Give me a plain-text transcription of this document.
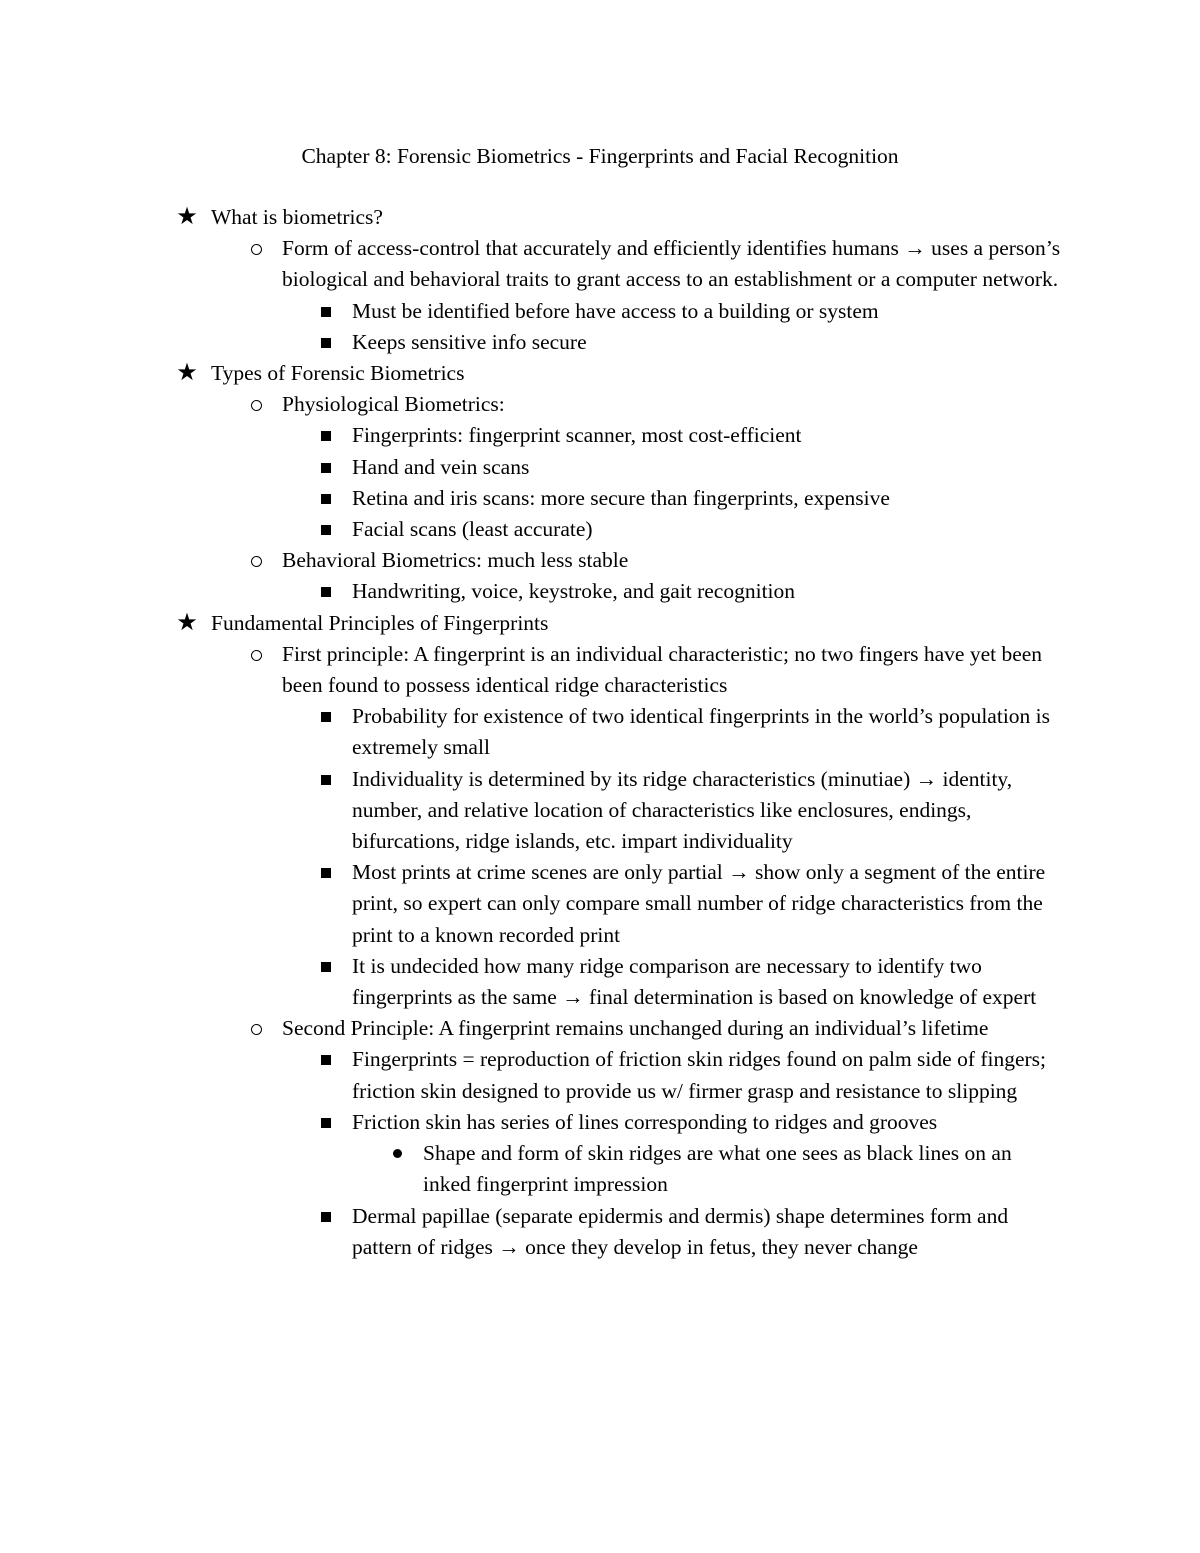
Chapter 8: Forensic Biometrics - Fingerprints and Facial Recognition
★ What is biometrics?
Form of access-control that accurately and efficiently identifies humans → uses a person’s biological and behavioral traits to grant access to an establishment or a computer network.
Must be identified before have access to a building or system
Keeps sensitive info secure
★ Types of Forensic Biometrics
Physiological Biometrics:
Fingerprints: fingerprint scanner, most cost-efficient
Hand and vein scans
Retina and iris scans: more secure than fingerprints, expensive
Facial scans (least accurate)
Behavioral Biometrics: much less stable
Handwriting, voice, keystroke, and gait recognition
★ Fundamental Principles of Fingerprints
First principle: A fingerprint is an individual characteristic; no two fingers have yet been been found to possess identical ridge characteristics
Probability for existence of two identical fingerprints in the world’s population is extremely small
Individuality is determined by its ridge characteristics (minutiae) → identity, number, and relative location of characteristics like enclosures, endings, bifurcations, ridge islands, etc. impart individuality
Most prints at crime scenes are only partial → show only a segment of the entire print, so expert can only compare small number of ridge characteristics from the print to a known recorded print
It is undecided how many ridge comparison are necessary to identify two fingerprints as the same → final determination is based on knowledge of expert
Second Principle: A fingerprint remains unchanged during an individual’s lifetime
Fingerprints = reproduction of friction skin ridges found on palm side of fingers; friction skin designed to provide us w/ firmer grasp and resistance to slipping
Friction skin has series of lines corresponding to ridges and grooves
Shape and form of skin ridges are what one sees as black lines on an inked fingerprint impression
Dermal papillae (separate epidermis and dermis) shape determines form and pattern of ridges → once they develop in fetus, they never change
